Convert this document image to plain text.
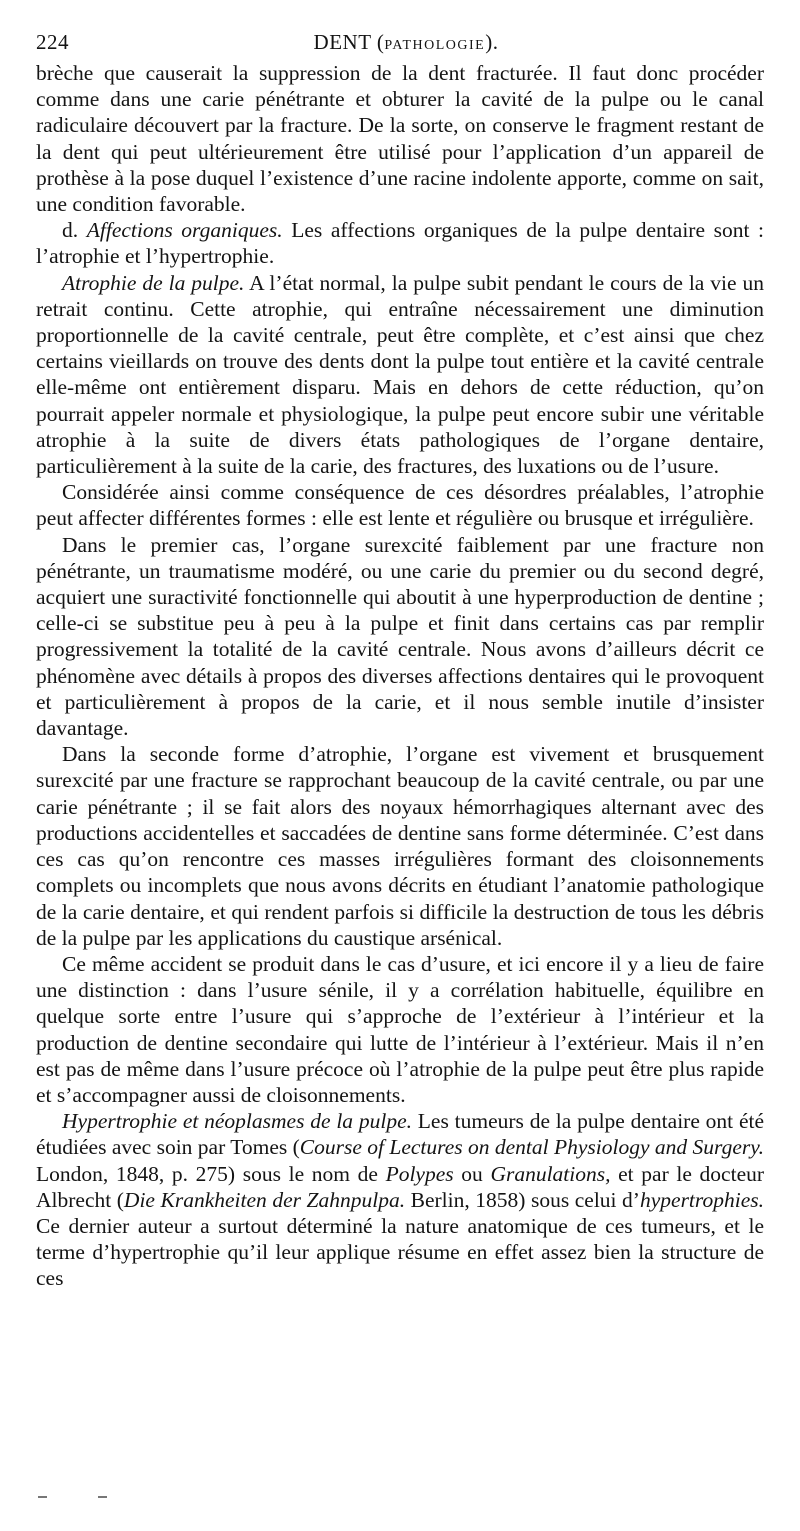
224	DENT (PATHOLOGIE).

brèche que causerait la suppression de la dent fracturée. Il faut donc procéder comme dans une carie pénétrante et obturer la cavité de la pulpe ou le canal radiculaire découvert par la fracture. De la sorte, on conserve le fragment restant de la dent qui peut ultérieurement être utilisé pour l’application d’un appareil de prothèse à la pose duquel l’existence d’une racine indolente apporte, comme on sait, une condition favorable.

d. Affections organiques. Les affections organiques de la pulpe dentaire sont : l’atrophie et l’hypertrophie.

Atrophie de la pulpe. A l’état normal, la pulpe subit pendant le cours de la vie un retrait continu. Cette atrophie, qui entraîne nécessairement une diminution proportionnelle de la cavité centrale, peut être complète, et c’est ainsi que chez certains vieillards on trouve des dents dont la pulpe tout entière et la cavité centrale elle-même ont entièrement disparu. Mais en dehors de cette réduction, qu’on pourrait appeler normale et physiologique, la pulpe peut encore subir une véritable atrophie à la suite de divers états pathologiques de l’organe dentaire, particulièrement à la suite de la carie, des fractures, des luxations ou de l’usure.

Considérée ainsi comme conséquence de ces désordres préalables, l’atrophie peut affecter différentes formes : elle est lente et régulière ou brusque et irrégulière.

Dans le premier cas, l’organe surexcité faiblement par une fracture non pénétrante, un traumatisme modéré, ou une carie du premier ou du second degré, acquiert une suractivité fonctionnelle qui aboutit à une hyperproduction de dentine ; celle-ci se substitue peu à peu à la pulpe et finit dans certains cas par remplir progressivement la totalité de la cavité centrale. Nous avons d’ailleurs décrit ce phénomène avec détails à propos des diverses affections dentaires qui le provoquent et particulièrement à propos de la carie, et il nous semble inutile d’insister davantage.

Dans la seconde forme d’atrophie, l’organe est vivement et brusquement surexcité par une fracture se rapprochant beaucoup de la cavité centrale, ou par une carie pénétrante ; il se fait alors des noyaux hémorrhagiques alternant avec des productions accidentelles et saccadées de dentine sans forme déterminée. C’est dans ces cas qu’on rencontre ces masses irrégulières formant des cloisonnements complets ou incomplets que nous avons décrits en étudiant l’anatomie pathologique de la carie dentaire, et qui rendent parfois si difficile la destruction de tous les débris de la pulpe par les applications du caustique arsénical.

Ce même accident se produit dans le cas d’usure, et ici encore il y a lieu de faire une distinction : dans l’usure sénile, il y a corrélation habituelle, équilibre en quelque sorte entre l’usure qui s’approche de l’extérieur à l’intérieur et la production de dentine secondaire qui lutte de l’intérieur à l’extérieur. Mais il n’en est pas de même dans l’usure précoce où l’atrophie de la pulpe peut être plus rapide et s’accompagner aussi de cloisonnements.

Hypertrophie et néoplasmes de la pulpe. Les tumeurs de la pulpe dentaire ont été étudiées avec soin par Tomes (Course of Lectures on dental Physiology and Surgery. London, 1848, p. 275) sous le nom de Polypes ou Granulations, et par le docteur Albrecht (Die Krankheiten der Zahnpulpa. Berlin, 1858) sous celui d’hypertrophies. Ce dernier auteur a surtout déterminé la nature anatomique de ces tumeurs, et le terme d’hypertrophie qu’il leur applique résume en effet assez bien la structure de ces
